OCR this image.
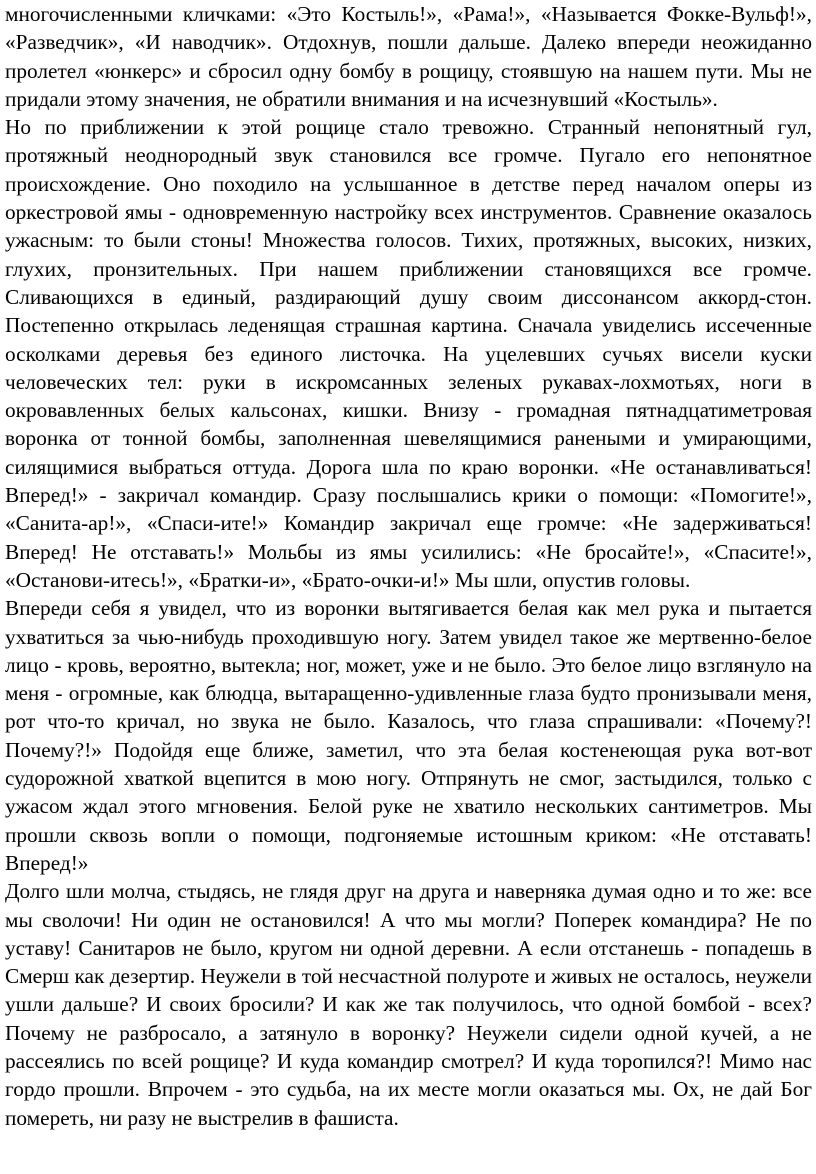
многочисленными кличками: «Это Костыль!», «Рама!», «Называется Фокке-Вульф!», «Разведчик», «И наводчик». Отдохнув, пошли дальше. Далеко впереди неожиданно пролетел «юнкерс» и сбросил одну бомбу в рощицу, стоявшую на нашем пути. Мы не придали этому значения, не обратили внимания и на исчезнувший «Костыль».

Но по приближении к этой рощице стало тревожно. Странный непонятный гул, протяжный неоднородный звук становился все громче. Пугало его непонятное происхождение. Оно походило на услышанное в детстве перед началом оперы из оркестровой ямы - одновременную настройку всех инструментов. Сравнение оказалось ужасным: то были стоны! Множества голосов. Тихих, протяжных, высоких, низких, глухих, пронзительных. При нашем приближении становящихся все громче. Сливающихся в единый, раздирающий душу своим диссонансом аккорд-стон. Постепенно открылась леденящая страшная картина. Сначала увиделись иссеченные осколками деревья без единого листочка. На уцелевших сучьях висели куски человеческих тел: руки в искромсанных зеленых рукавах-лохмотьях, ноги в окровавленных белых кальсонах, кишки. Внизу - громадная пятнадцатиметровая воронка от тонной бомбы, заполненная шевелящимися ранеными и умирающими, силящимися выбраться оттуда. Дорога шла по краю воронки. «Не останавливаться! Вперед!» - закричал командир. Сразу послышались крики о помощи: «Помогите!», «Санита-ар!», «Спаси-ите!» Командир закричал еще громче: «Не задерживаться! Вперед! Не отставать!» Мольбы из ямы усилились: «Не бросайте!», «Спасите!», «Останови-итесь!», «Братки-и», «Брато-очки-и!» Мы шли, опустив головы.

Впереди себя я увидел, что из воронки вытягивается белая как мел рука и пытается ухватиться за чью-нибудь проходившую ногу. Затем увидел такое же мертвенно-белое лицо - кровь, вероятно, вытекла; ног, может, уже и не было. Это белое лицо взглянуло на меня - огромные, как блюдца, вытаращенно-удивленные глаза будто пронизывали меня, рот что-то кричал, но звука не было. Казалось, что глаза спрашивали: «Почему?! Почему?!» Подойдя еще ближе, заметил, что эта белая костенеющая рука вот-вот судорожной хваткой вцепится в мою ногу. Отпрянуть не смог, застыдился, только с ужасом ждал этого мгновения. Белой руке не хватило нескольких сантиметров. Мы прошли сквозь вопли о помощи, подгоняемые истошным криком: «Не отставать! Вперед!»

Долго шли молча, стыдясь, не глядя друг на друга и наверняка думая одно и то же: все мы сволочи! Ни один не остановился! А что мы могли? Поперек командира? Не по уставу! Санитаров не было, кругом ни одной деревни. А если отстанешь - попадешь в Смерш как дезертир. Неужели в той несчастной полуроте и живых не осталось, неужели ушли дальше? И своих бросили? И как же так получилось, что одной бомбой - всех? Почему не разбросало, а затянуло в воронку? Неужели сидели одной кучей, а не рассеялись по всей рощице? И куда командир смотрел? И куда торопился?! Мимо нас гордо прошли. Впрочем - это судьба, на их месте могли оказаться мы. Ох, не дай Бог помереть, ни разу не выстрелив в фашиста.
